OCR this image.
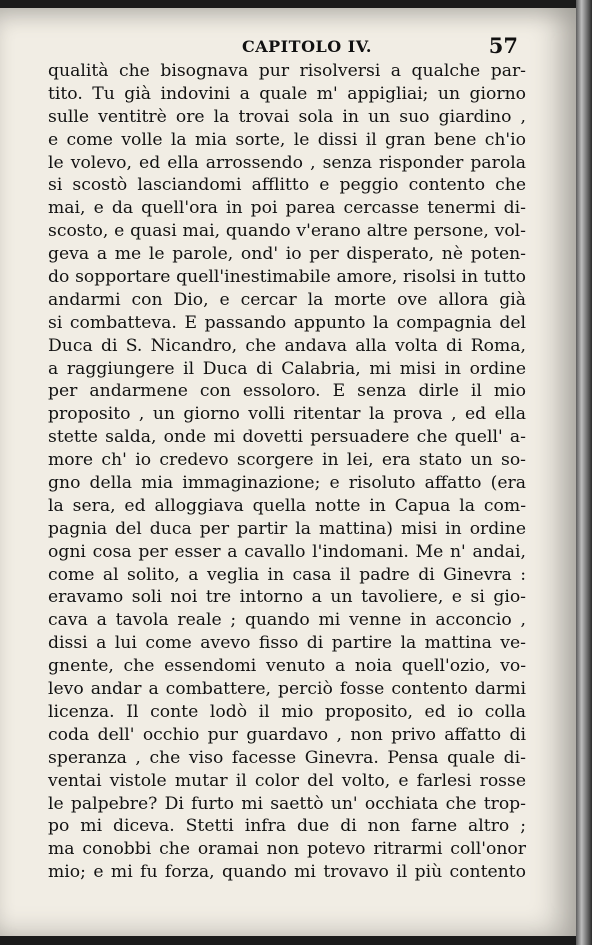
CAPITOLO IV.	57
qualità che bisognava pur risolversi a qualche par-
tito. Tu già indovini a quale m' appigliai; un giorno
sulle ventitrè ore la trovai sola in un suo giardino ,
e come volle la mia sorte, le dissi il gran bene ch'io
le volevo, ed ella arrossendo , senza risponder parola
si scostò lasciandomi afflitto e peggio contento che
mai, e da quell'ora in poi parea cercasse tenermi di-
scosto, e quasi mai, quando v'erano altre persone, vol-
geva a me le parole, ond' io per disperato, nè poten-
do sopportare quell'inestimabile amore, risolsi in tutto
andarmi con Dio, e cercar la morte ove allora già
si combatteva. E passando appunto la compagnia del
Duca di S. Nicandro, che andava alla volta di Roma,
a raggiungere il Duca di Calabria, mi misi in ordine
per andarmene con essoloro. E senza dirle il mio
proposito , un giorno volli ritentar la prova , ed ella
stette salda, onde mi dovetti persuadere che quell' a-
more ch' io credevo scorgere in lei, era stato un so-
gno della mia immaginazione; e risoluto affatto (era
la sera, ed alloggiava quella notte in Capua la com-
pagnia del duca per partir la mattina) misi in ordine
ogni cosa per esser a cavallo l'indomani. Me n' andai,
come al solito, a veglia in casa il padre di Ginevra :
eravamo soli noi tre intorno a un tavoliere, e si gio-
cava a tavola reale ; quando mi venne in acconcio ,
dissi a lui come avevo fisso di partire la mattina ve-
gnente, che essendomi venuto a noia quell'ozio, vo-
levo andar a combattere, perciò fosse contento darmi
licenza. Il conte lodò il mio proposito, ed io colla
coda dell' occhio pur guardavo , non privo affatto di
speranza , che viso facesse Ginevra. Pensa quale di-
ventai vistole mutar il color del volto, e farlesi rosse
le palpebre? Di furto mi saettò un' occhiata che trop-
po mi diceva. Stetti infra due di non farne altro ;
ma conobbi che oramai non potevo ritrarmi coll'onor
mio; e mi fu forza, quando mi trovavo il più contento
